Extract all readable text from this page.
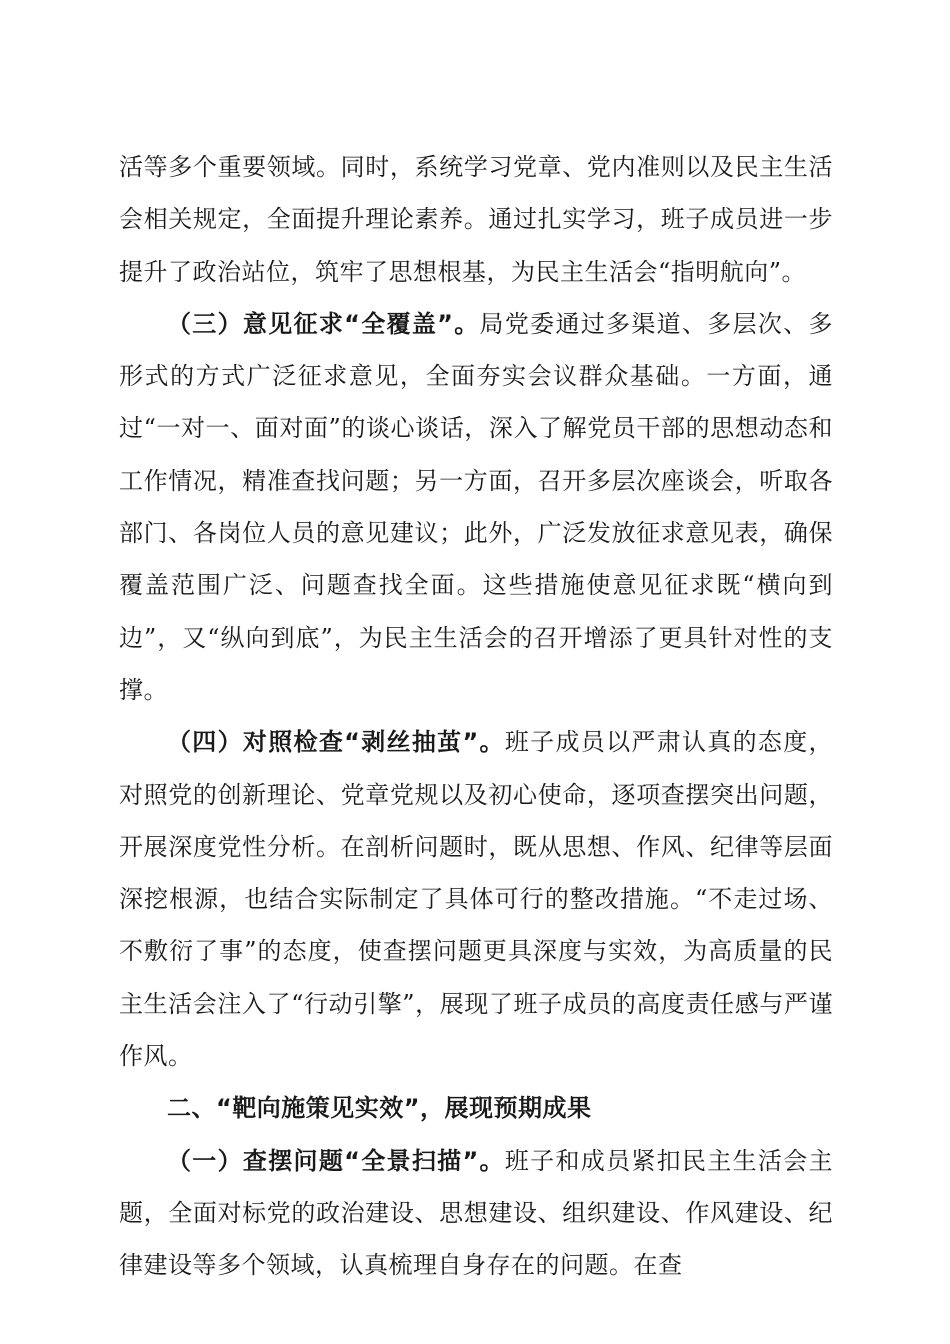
活等多个重要领域。同时，系统学习党章、党内准则以及民主生活会相关规定，全面提升理论素养。通过扎实学习，班子成员进一步提升了政治站位，筑牢了思想根基，为民主生活会“指明航向”。

（三）意见征求“全覆盖”。局党委通过多渠道、多层次、多形式的方式广泛征求意见，全面夯实会议群众基础。一方面，通过“一对一、面对面”的谈心谈话，深入了解党员干部的思想动态和工作情况，精准查找问题；另一方面，召开多层次座谈会，听取各部门、各岗位人员的意见建议；此外，广泛发放征求意见表，确保覆盖范围广泛、问题查找全面。这些措施使意见征求既“横向到边”，又“纵向到底”，为民主生活会的召开增添了更具针对性的支撑。

（四）对照检查“剥丝抽茧”。班子成员以严肃认真的态度，对照党的创新理论、党章党规以及初心使命，逐项查摆突出问题，开展深度党性分析。在剖析问题时，既从思想、作风、纪律等层面深挖根源，也结合实际制定了具体可行的整改措施。“不走过场、不敷衍了事”的态度，使查摆问题更具深度与实效，为高质量的民主生活会注入了“行动引擎”，展现了班子成员的高度责任感与严谨作风。

二、“靶向施策见实效”，展现预期成果

（一）查摆问题“全景扫描”。班子和成员紧扣民主生活会主题，全面对标党的政治建设、思想建设、组织建设、作风建设、纪律建设等多个领域，认真梳理自身存在的问题。在查
